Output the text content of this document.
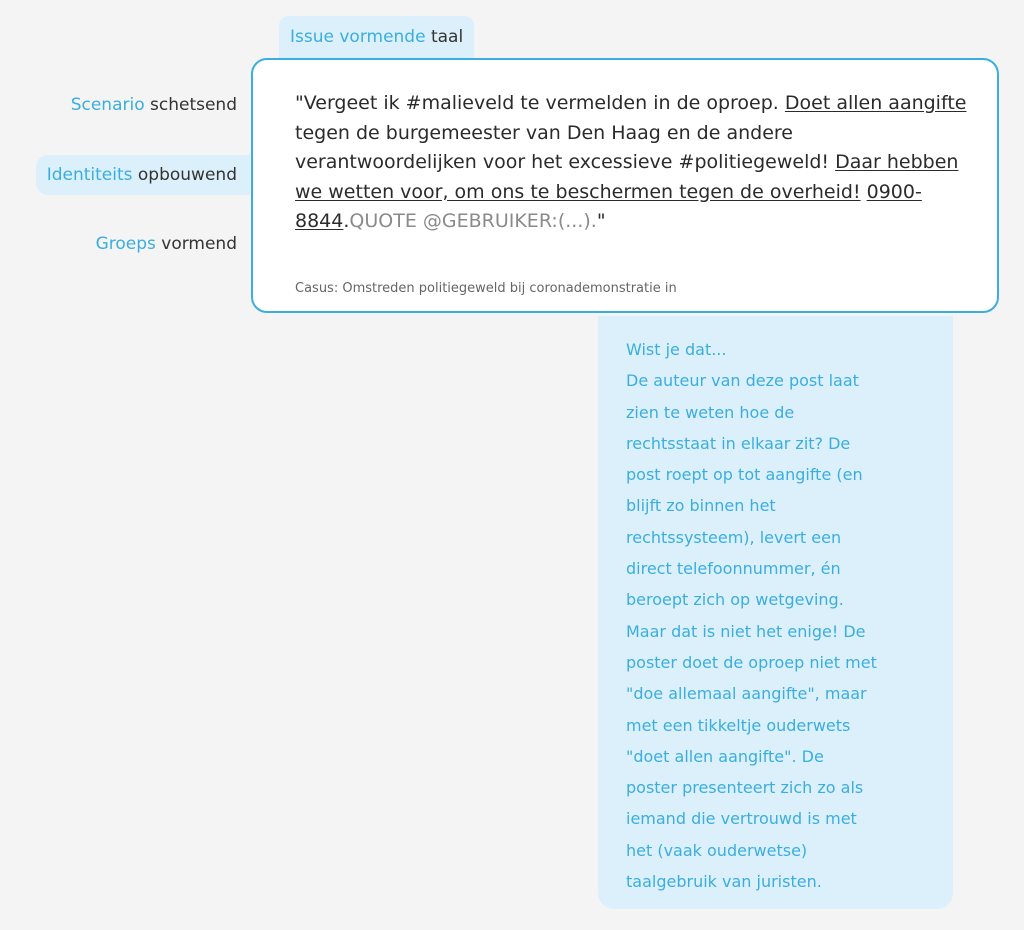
Issue vormende taal
Scenario schetsend
Identiteits opbouwend
Groeps vormend
"Vergeet ik #malieveld te vermelden in de oproep. Doet allen aangifte tegen de burgemeester van Den Haag en de andere verantwoordelijken voor het excessieve #politiegeweld! Daar hebben we wetten voor, om ons te beschermen tegen de overheid! 0900-8844.QUOTE @GEBRUIKER:(...)."
Casus: Omstreden politiegeweld bij coronademonstratie in

Wist je dat...

De auteur van deze post laat

zien te weten hoe de

rechtsstaat in elkaar zit? De

post roept op tot aangifte (en

blijft zo binnen het

rechtssysteem), levert een

direct telefoonnummer, én

beroept zich op wetgeving.

Maar dat is niet het enige! De

poster doet de oproep niet met

"doe allemaal aangifte", maar

met een tikkeltje ouderwets

"doet allen aangifte". De

poster presenteert zich zo als

iemand die vertrouwd is met

het (vaak ouderwetse)

taalgebruik van juristen.
